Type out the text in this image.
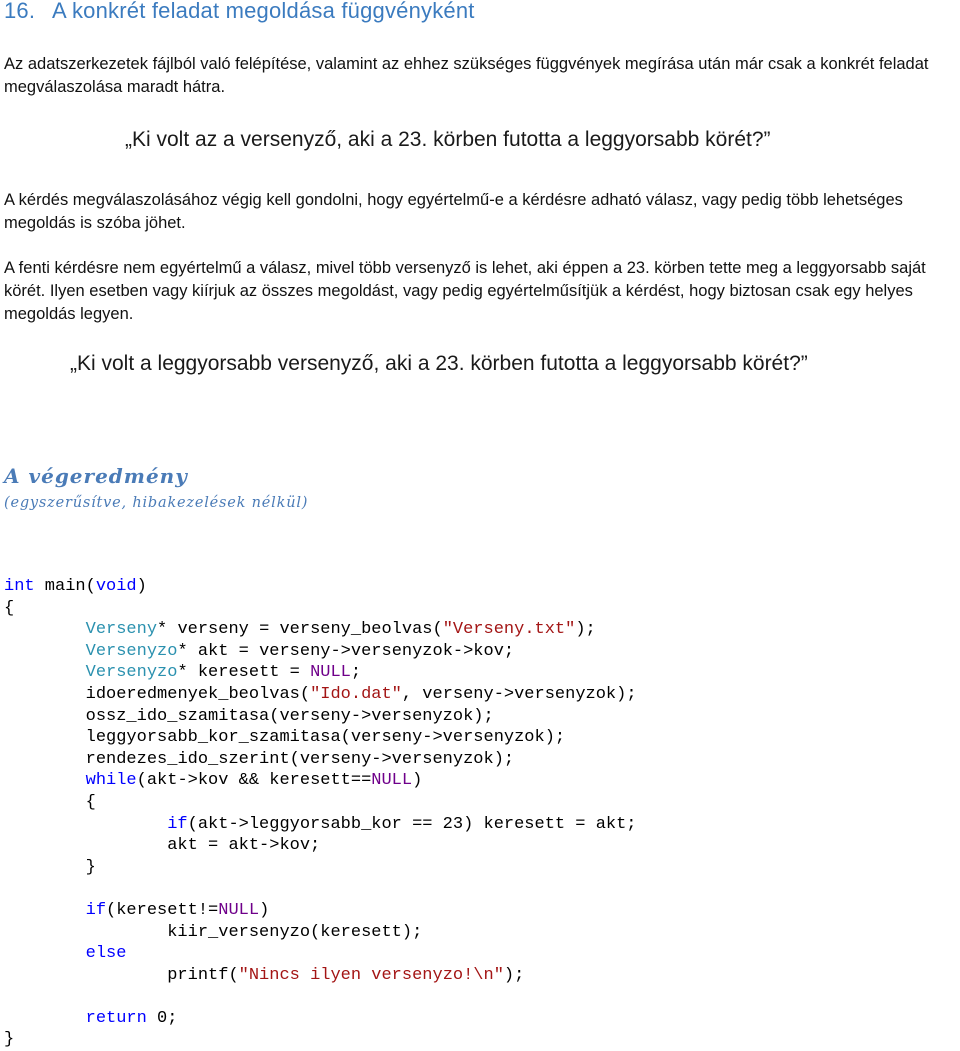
16. A konkrét feladat megoldása függvényként
Az adatszerkezetek fájlból való felépítése, valamint az ehhez szükséges függvények megírása után már csak a konkrét feladat megválaszolása maradt hátra.
„Ki volt az a versenyző, aki a 23. körben futotta a leggyorsabb körét?”
A kérdés megválaszolásához végig kell gondolni, hogy egyértelmű-e a kérdésre adható válasz, vagy pedig több lehetséges megoldás is szóba jöhet.
A fenti kérdésre nem egyértelmű a válasz, mivel több versenyző is lehet, aki éppen a 23. körben tette meg a leggyorsabb saját körét. Ilyen esetben vagy kiírjuk az összes megoldást, vagy pedig egyértelműsítjük a kérdést, hogy biztosan csak egy helyes megoldás legyen.
„Ki volt a leggyorsabb versenyző, aki a 23. körben futotta a leggyorsabb körét?”
A végeredmény
(egyszerűsítve, hibakezelések nélkül)
int main(void)
{
Verseny* verseny = verseny_beolvas("Verseny.txt");
Versenyzo* akt = verseny->versenyzok->kov;
Versenyzo* keresett = NULL;
idoeredmenyek_beolvas("Ido.dat", verseny->versenyzok);
ossz_ido_szamitasa(verseny->versenyzok);
leggyorsabb_kor_szamitasa(verseny->versenyzok);
rendezes_ido_szerint(verseny->versenyzok);
while(akt->kov && keresett==NULL)
{
if(akt->leggyorsabb_kor == 23) keresett = akt;
akt = akt->kov;
}

if(keresett!=NULL)
kiir_versenyzo(keresett);
else
printf("Nincs ilyen versenyzo!\n");

return 0;
}
